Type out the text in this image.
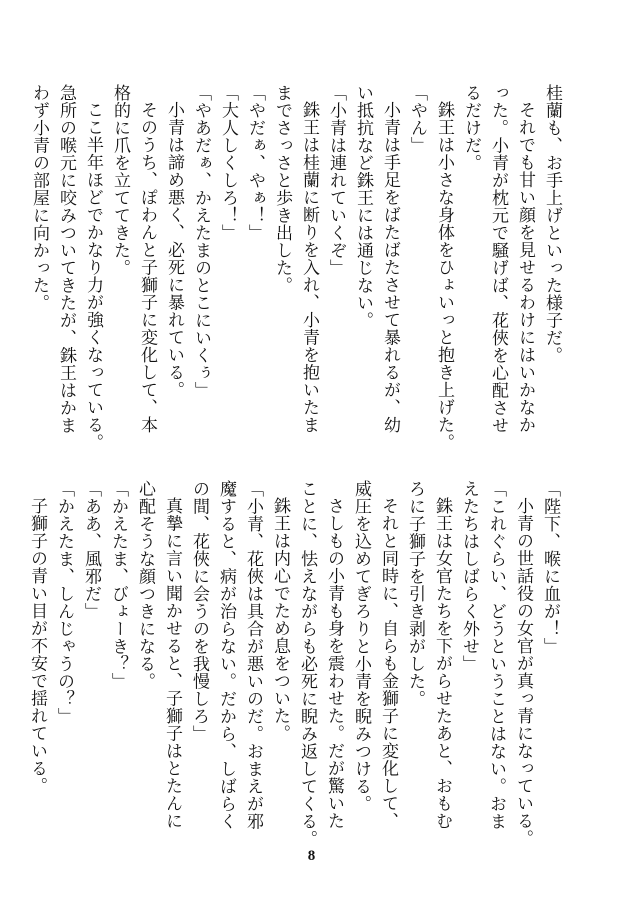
桂蘭も、お手上げといった様子だ。

それでも甘い顔を見せるわけにはいかなか

った。小青が枕元で騒げば、花俠を心配させ

るだけだ。

銖王は小さな身体をひょいっと抱き上げた。

「やん」

小青は手足をばたばたさせて暴れるが、幼

い抵抗など銖王には通じない。

「小青は連れていくぞ」

銖王は桂蘭に断りを入れ、小青を抱いたま

までさっさと歩き出した。

「やだぁ、やぁ！」

「大人しくしろ！」

「やあだぁ、かえたまのとこにいくぅ」

小青は諦め悪く、必死に暴れている。

そのうち、ぽわんと子獅子に変化して、本

格的に爪を立ててきた。

ここ半年ほどでかなり力が強くなっている。

急所の喉元に咬みついてきたが、銖王はかま

わず小青の部屋に向かった。

「陛下、喉に血が！」

小青の世話役の女官が真っ青になっている。

「これぐらい、どうということはない。おま

えたちはしばらく外せ」

銖王は女官たちを下がらせたあと、おもむ

ろに子獅子を引き剥がした。

それと同時に、自らも金獅子に変化して、

威圧を込めてぎろりと小青を睨みつける。

さしもの小青も身を震わせた。だが驚いた

ことに、怯えながらも必死に睨み返してくる。

銖王は内心でため息をついた。

「小青、花俠は具合が悪いのだ。おまえが邪

魔すると、病が治らない。だから、しばらく

の間、花俠に会うのを我慢しろ」

真摯に言い聞かせると、子獅子はとたんに

心配そうな顔つきになる。

「かえたま、びょーき？」

「ああ、風邪だ」

「かえたま、しんじゃうの？」

子獅子の青い目が不安で揺れている。

8
